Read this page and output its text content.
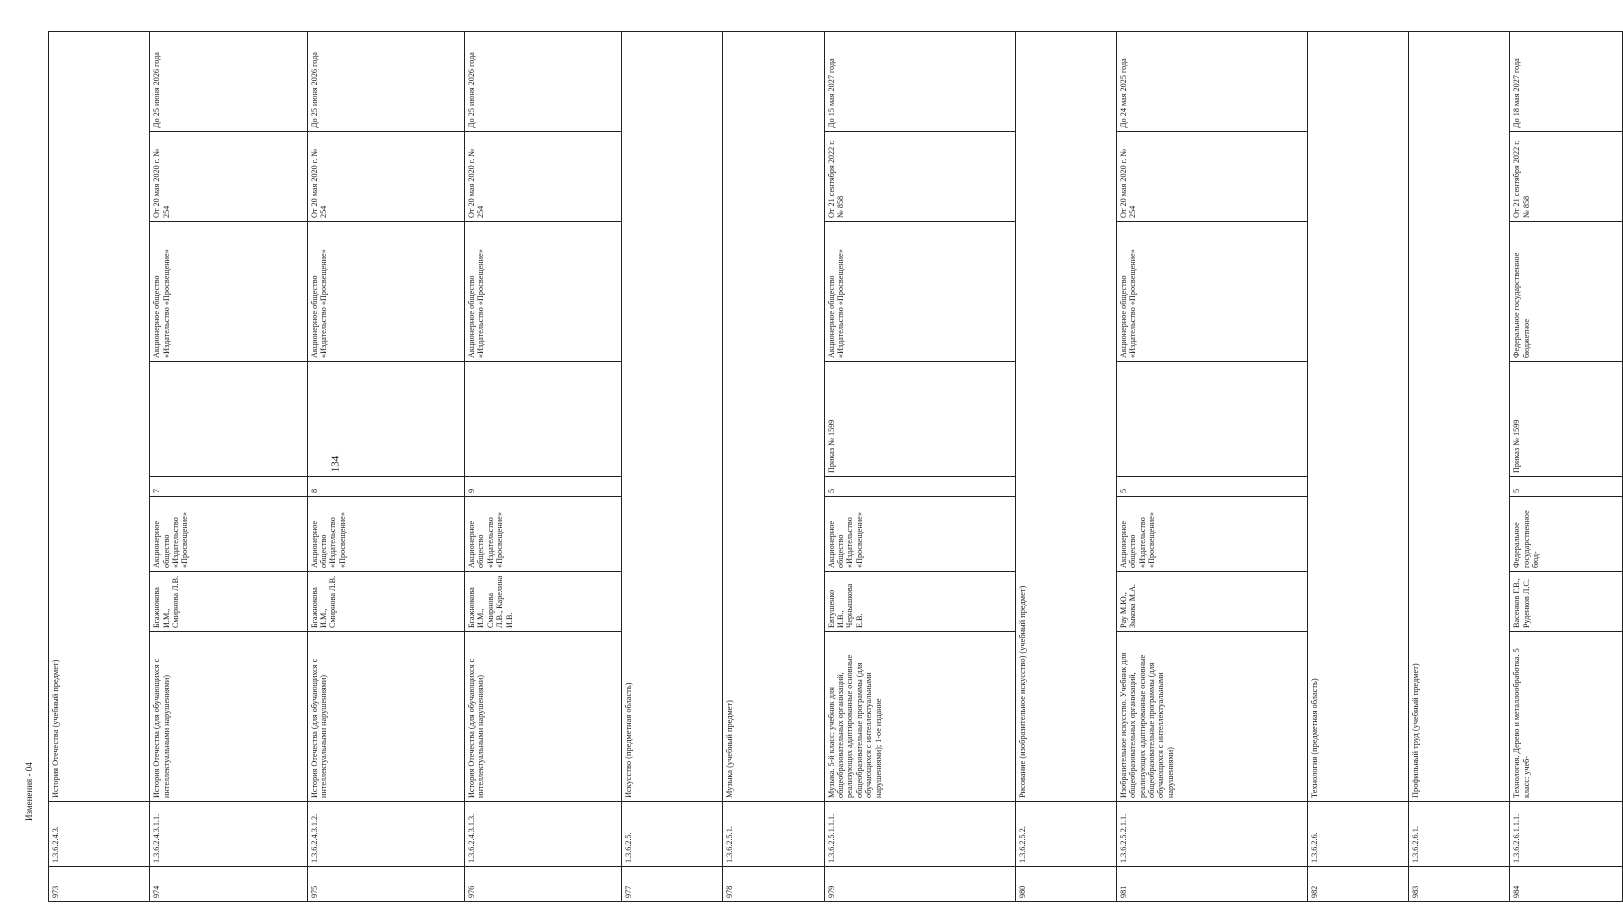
134
Изменения - 04
973	1.3.6.2.4.3.	История Отечества (учебный предмет)							
974	1.3.6.2.4.3.1.1.	История Отечества (для обучающихся с интеллектуальными нарушениями)	Бгажнокова И.М., Смирнова Л.В.	Акционерное общество «Издательство «Просвещение»	7		Акционерное общество «Издательство «Просвещение»	От 20 мая 2020 г. № 254	До 25 июня 2026 года
975	1.3.6.2.4.3.1.2.	История Отечества (для обучающихся с интеллектуальными нарушениями)	Бгажнокова И.М., Смирнова Л.В.	Акционерное общество «Издательство «Просвещение»	8		Акционерное общество «Издательство «Просвещение»	От 20 мая 2020 г. № 254	До 25 июня 2026 года
976	1.3.6.2.4.3.1.3.	История Отечества (для обучающихся с интеллектуальными нарушениями)	Бгажнокова И.М., Смирнова Л.В., Карелина И.В.	Акционерное общество «Издательство «Просвещение»	9		Акционерное общество «Издательство «Просвещение»	От 20 мая 2020 г. № 254	До 25 июня 2026 года
977	1.3.6.2.5.	Искусство (предметная область)							
978	1.3.6.2.5.1.	Музыка (учебный предмет)							
979	1.3.6.2.5.1.1.1.	Музыка. 5-й класс: учебник для общеобразовательных организаций, реализующих адаптированные основные общеобразовательные программы (для обучающихся с интеллектуальными нарушениями); 1-ое издание	Евтушенко И.В., Чернышкова Е.В.	Акционерное общество «Издательство «Просвещение»	5	Приказ № 1599	Акционерное общество «Издательство «Просвещение»	От 21 сентября 2022 г. № 858	До 15 мая 2027 года
980	1.3.6.2.5.2.	Рисование (изобразительное искусство) (учебный предмет)							
981	1.3.6.2.5.2.1.1.	Изобразительное искусство. Учебник для общеобразовательных организаций, реализующих адаптированные основные общеобразовательные программы (для обучающихся с интеллектуальными нарушениями)	Рау М.Ю., Зыкова М.А.	Акционерное общество «Издательство «Просвещение»	5		Акционерное общество «Издательство «Просвещение»	От 20 мая 2020 г. № 254	До 24 мая 2025 года
982	1.3.6.2.6.	Технология (предметная область)							
983	1.3.6.2.6.1.	Профильный труд (учебный предмет)							
984	1.3.6.2.6.1.1.1.	Технология. Дерево и металлообработка. 5 класс: учеб-	Васенков Г.В., Руденков Л.С.	Федеральное государственное бюд-	5	Приказ № 1599	Федеральное государственное бюджетное	От 21 сентября 2022 г. № 858	До 18 мая 2027 года
